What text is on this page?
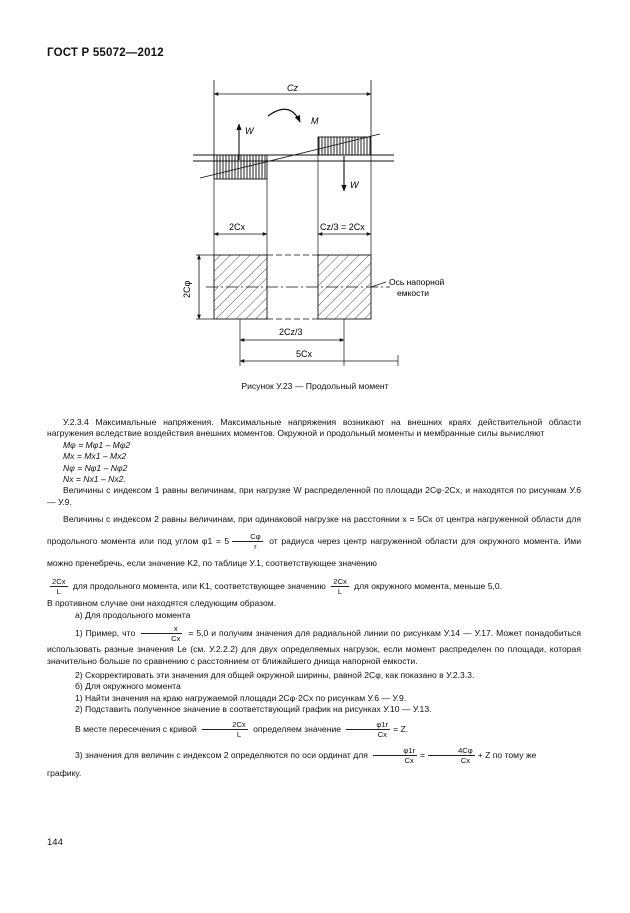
ГОСТ Р 55072—2012
Cz
M
W
W
2Cx	Cz/3 = 2Cx
2Cφ	Ось напорной
емкости
2Cz/3
5Cx
Рисунок У.23 — Продольный момент

У.2.3.4 Максимальные напряжения. Максимальные напряжения возникают на внешних краях действительной области нагружения вследствие воздействия внешних моментов. Окружной и продольный моменты и мембранные силы вычисляют

Mφ = Mφ1 – Mφ2

Mx = Mx1 – Mx2

Nφ = Nφ1 – Nφ2

Nx = Nx1 – Nx2.

Величины с индексом 1 равны величинам, при нагрузке W распределенной по площади 2Cφ·2Cx, и находятся по рисункам У.6 — У.9.

Величины с индексом 2 равны величинам, при одинаковой нагрузке на расстоянии x = 5Cx от центра нагруженной области для продольного момента или под углом $\varphi 1 = 5 \frac{C\varphi}{r}$ от радиуса через центр нагруженной области для окружного момента. Ими можно пренебречь, если значение K2, по таблице У.1, соответствующее значению

$\frac{2Cx}{L}$ для продольного момента, или K1, соответствующее значению $\frac{2Cx}{L}$ для окружного момента, меньше 5,0.

В противном случае они находятся следующим образом.

а) Для продольного момента

1) Пример, что $\frac{x}{Cx} = 5,0$ и получим значения для радиальной линии по рисункам У.14 — У.17. Может понадобиться использовать разные значения Lе (см. У.2.2.2) для двух определяемых нагрузок, если момент распределен по площади, которая значительно больше по сравнению с расстоянием от ближайшего днища напорной емкости.

2) Скорректировать эти значения для общей окружной ширины, равной 2Cφ, как показано в У.2.3.3.

б) Для окружного момента

1) Найти значения на краю нагружаемой площади 2Cφ·2Cx по рисункам У.6 — У.9.

2) Подставить полученное значение в соответствующий график на рисунках У.10 — У.13.

В месте пересечения с кривой $\frac{2Cx}{L}$ определяем значение $\frac{\varphi 1r}{Cx} = Z$.

3) значения для величин с индексом 2 определяются по оси ординат для $\frac{\varphi 1r}{Cx} = \frac{4C\varphi}{Cx} + Z$ по тому же

графику.

144
